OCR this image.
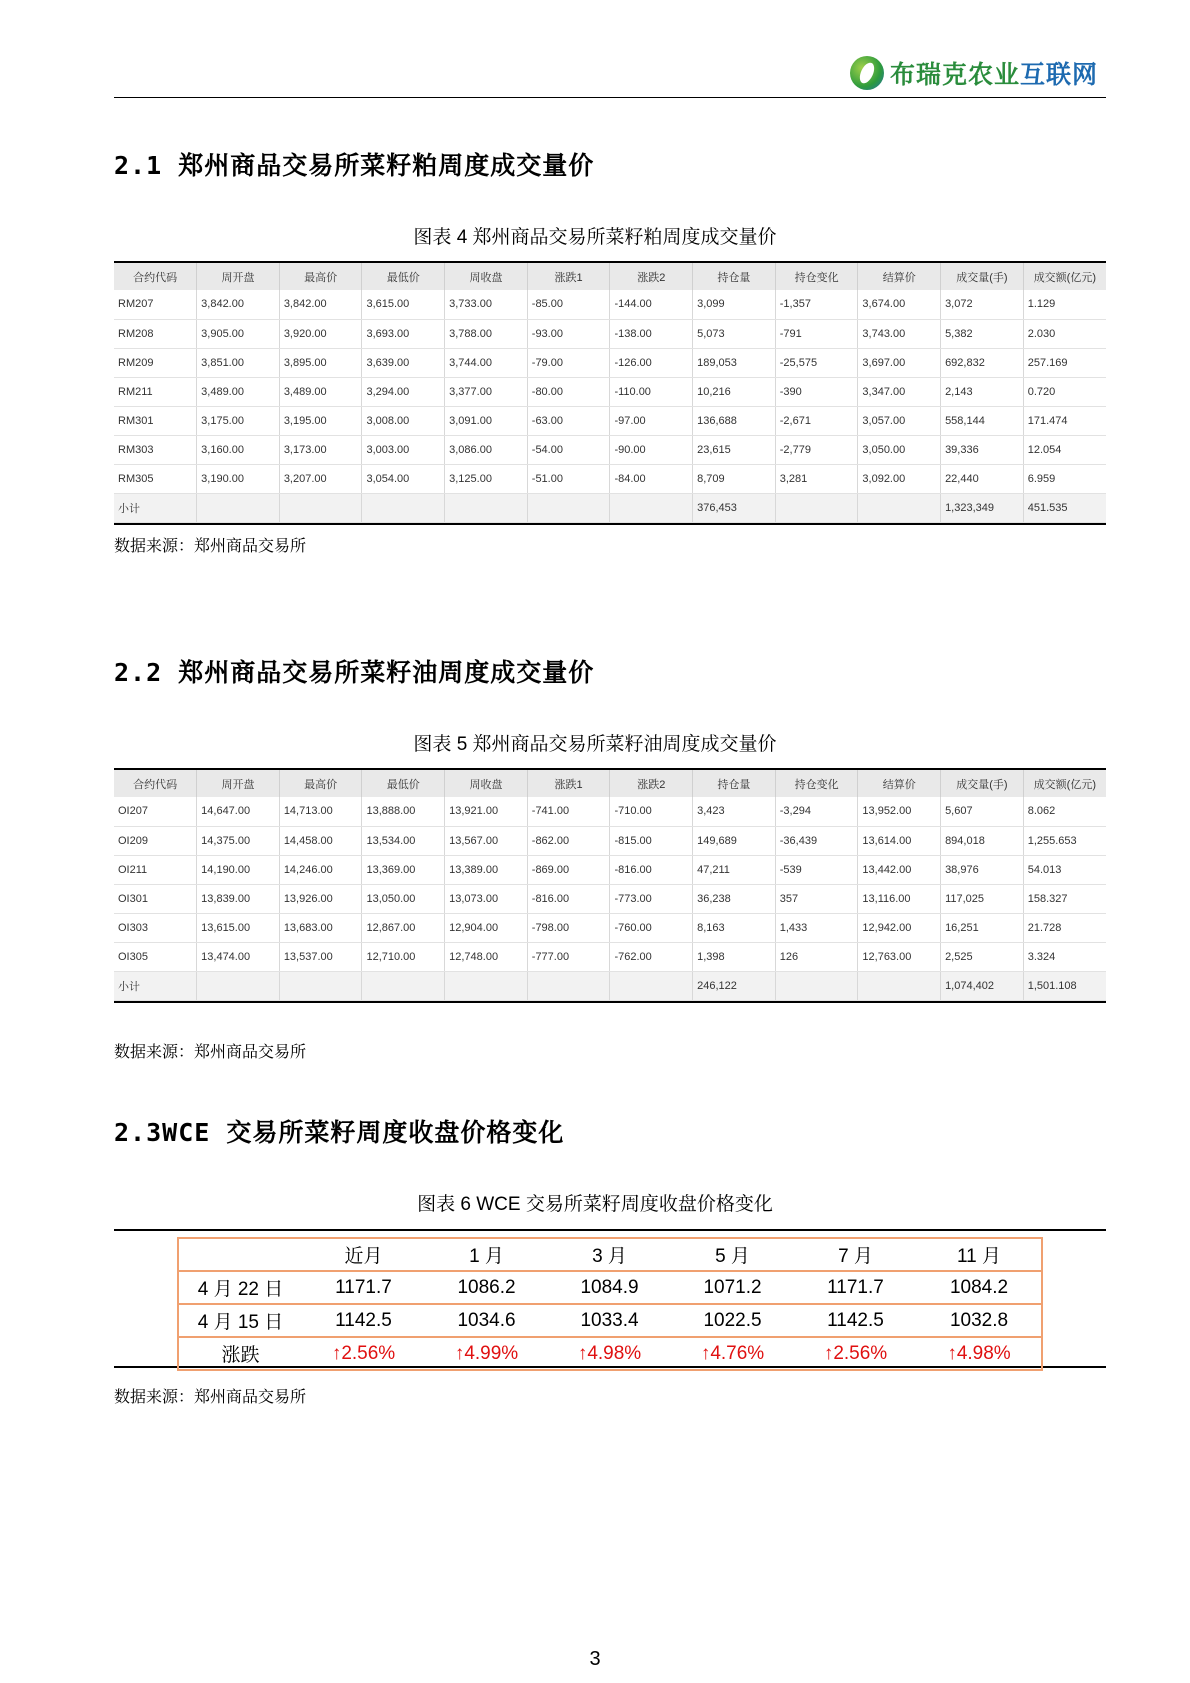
布瑞克农业互联网
2.1 郑州商品交易所菜籽粕周度成交量价
图表 4 郑州商品交易所菜籽粕周度成交量价
合约代码	周开盘	最高价	最低价	周收盘	涨跌1	涨跌2	持仓量	持仓变化	结算价	成交量(手)	成交额(亿元)
RM207	3,842.00	3,842.00	3,615.00	3,733.00	-85.00	-144.00	3,099	-1,357	3,674.00	3,072	1.129
RM208	3,905.00	3,920.00	3,693.00	3,788.00	-93.00	-138.00	5,073	-791	3,743.00	5,382	2.030
RM209	3,851.00	3,895.00	3,639.00	3,744.00	-79.00	-126.00	189,053	-25,575	3,697.00	692,832	257.169
RM211	3,489.00	3,489.00	3,294.00	3,377.00	-80.00	-110.00	10,216	-390	3,347.00	2,143	0.720
RM301	3,175.00	3,195.00	3,008.00	3,091.00	-63.00	-97.00	136,688	-2,671	3,057.00	558,144	171.474
RM303	3,160.00	3,173.00	3,003.00	3,086.00	-54.00	-90.00	23,615	-2,779	3,050.00	39,336	12.054
RM305	3,190.00	3,207.00	3,054.00	3,125.00	-51.00	-84.00	8,709	3,281	3,092.00	22,440	6.959
小计							376,453			1,323,349	451.535
数据来源：郑州商品交易所
2.2 郑州商品交易所菜籽油周度成交量价
图表 5 郑州商品交易所菜籽油周度成交量价
合约代码	周开盘	最高价	最低价	周收盘	涨跌1	涨跌2	持仓量	持仓变化	结算价	成交量(手)	成交额(亿元)
OI207	14,647.00	14,713.00	13,888.00	13,921.00	-741.00	-710.00	3,423	-3,294	13,952.00	5,607	8.062
OI209	14,375.00	14,458.00	13,534.00	13,567.00	-862.00	-815.00	149,689	-36,439	13,614.00	894,018	1,255.653
OI211	14,190.00	14,246.00	13,369.00	13,389.00	-869.00	-816.00	47,211	-539	13,442.00	38,976	54.013
OI301	13,839.00	13,926.00	13,050.00	13,073.00	-816.00	-773.00	36,238	357	13,116.00	117,025	158.327
OI303	13,615.00	13,683.00	12,867.00	12,904.00	-798.00	-760.00	8,163	1,433	12,942.00	16,251	21.728
OI305	13,474.00	13,537.00	12,710.00	12,748.00	-777.00	-762.00	1,398	126	12,763.00	2,525	3.324
小计							246,122			1,074,402	1,501.108
数据来源：郑州商品交易所
2.3WCE 交易所菜籽周度收盘价格变化
图表 6 WCE 交易所菜籽周度收盘价格变化
	近月	1 月	3 月	5 月	7 月	11 月
4 月 22 日	1171.7	1086.2	1084.9	1071.2	1171.7	1084.2
4 月 15 日	1142.5	1034.6	1033.4	1022.5	1142.5	1032.8
涨跌	↑2.56%	↑4.99%	↑4.98%	↑4.76%	↑2.56%	↑4.98%
数据来源：郑州商品交易所
3
